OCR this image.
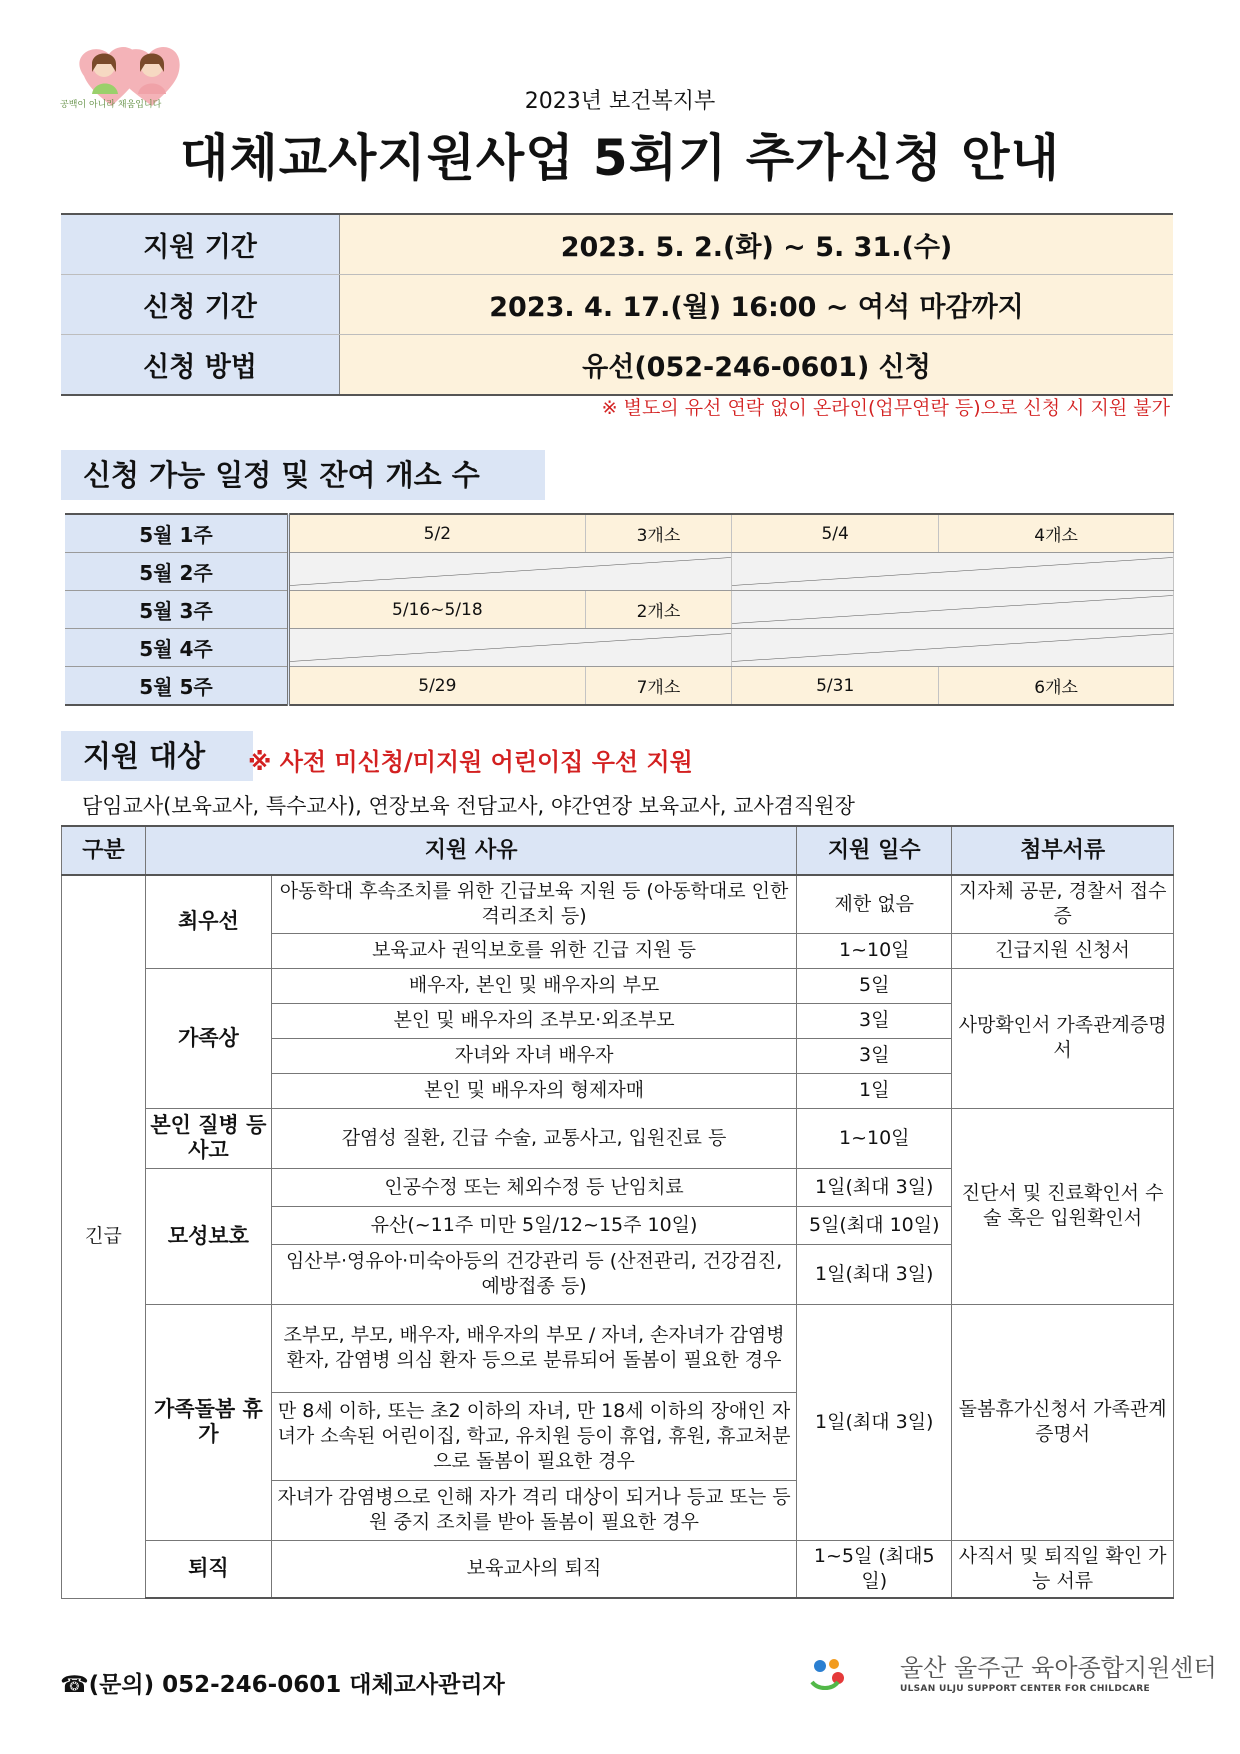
공백이 아니라 채움입니다	2023년 보건복지부
대체교사지원사업 5회기 추가신청 안내
지원 기간	2023. 5. 2.(화) ~ 5. 31.(수)
신청 기간	2023. 4. 17.(월) 16:00 ~ 여석 마감까지
신청 방법	유선(052-246-0601) 신청
※ 별도의 유선 연락 없이 온라인(업무연락 등)으로 신청 시 지원 불가
신청 가능 일정 및 잔여 개소 수
5월 1주	5/2	3개소	5/4	4개소
5월 2주	

5월 3주	5/16~5/18	2개소	

5월 4주	

5월 5주	5/29	7개소	5/31	6개소
지원 대상	※ 사전 미신청/미지원 어린이집 우선 지원
담임교사(보육교사, 특수교사), 연장보육 전담교사, 야간연장 보육교사, 교사겸직원장
구분	지원 사유		지원 일수	첨부서류
긴급	최우선	아동학대 후속조치를 위한 긴급보육 지원 등 (아동학대로 인한 격리조치 등)	제한 없음	지자체 공문, 경찰서 접수증
		보육교사 권익보호를 위한 긴급 지원 등	1~10일	긴급지원 신청서
	가족상	배우자, 본인 및 배우자의 부모	5일	사망확인서 가족관계증명서
		본인 및 배우자의 조부모·외조부모	3일	
		자녀와 자녀 배우자	3일	
		본인 및 배우자의 형제자매	1일	
	본인 질병 등 사고	감염성 질환, 긴급 수술, 교통사고, 입원진료 등	1~10일	진단서 및 진료확인서 수술 혹은 입원확인서
	모성보호	인공수정 또는 체외수정 등 난임치료	1일(최대 3일)	
		유산(~11주 미만 5일/12~15주 10일)	5일(최대 10일)	
		임산부·영유아·미숙아등의 건강관리 등 (산전관리, 건강검진, 예방접종 등)	1일(최대 3일)	
	가족돌봄 휴가	조부모, 부모, 배우자, 배우자의 부모 / 자녀, 손자녀가 감염병 환자, 감염병 의심 환자 등으로 분류되어 돌봄이 필요한 경우	1일(최대 3일)	돌봄휴가신청서 가족관계증명서
		만 8세 이하, 또는 초2 이하의 자녀, 만 18세 이하의 장애인 자녀가 소속된 어린이집, 학교, 유치원 등이 휴업, 휴원, 휴교처분으로 돌봄이 필요한 경우		
		자녀가 감염병으로 인해 자가 격리 대상이 되거나 등교 또는 등원 중지 조치를 받아 돌봄이 필요한 경우		
	퇴직	보육교사의 퇴직	1~5일 (최대5일)	사직서 및 퇴직일 확인 가능 서류
☎(문의) 052-246-0601 대체교사관리자
울산 울주군 육아종합지원센터
ULSAN ULJU SUPPORT CENTER FOR CHILDCARE
